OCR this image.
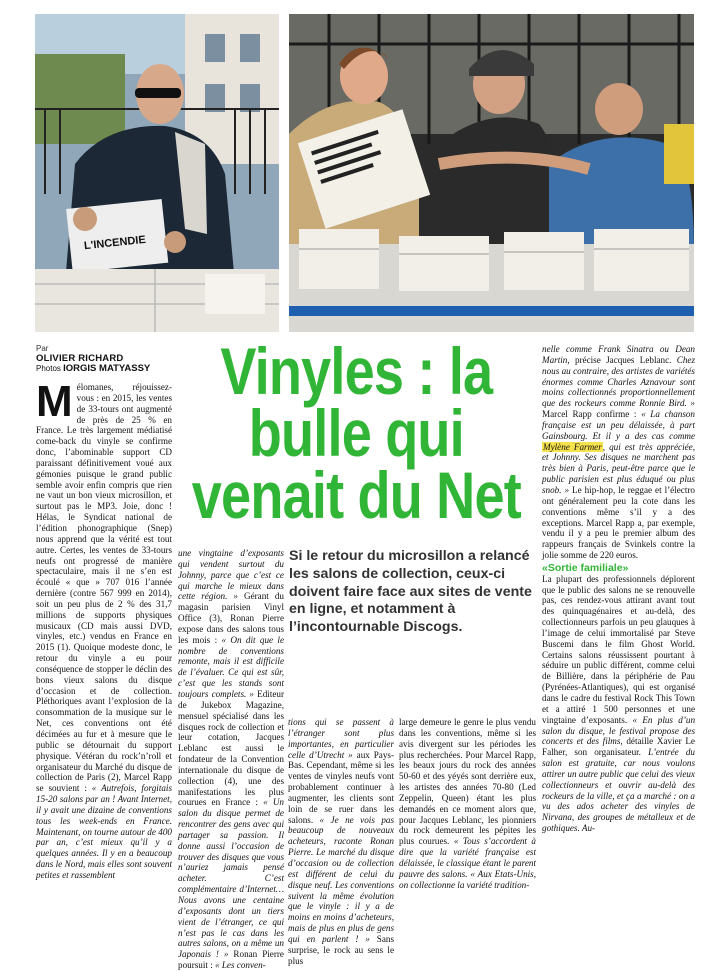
L'INCENDIE
Par
OLIVIER RICHARD
Photos IORGIS MATYASSY	Vinyles : la bulle qui venait du Net
Mélomanes, réjouissez-vous : en 2015, les ventes de 33-tours ont augmenté de près de 25 % en France. Le très largement médiatisé come-back du vinyle se confirme donc, l’abominable support CD paraissant définitivement voué aux gémonies puisque le grand public semble avoir enfin compris que rien ne vaut un bon vieux microsillon, et surtout pas le MP3. Joie, donc ! Hélas, le Syndicat national de l’édition phonographique (Snep) nous apprend que la vérité est tout autre. Certes, les ventes de 33-tours neufs ont progressé de manière spectaculaire, mais il ne s’en est écoulé « que » 707 016 l’année dernière (contre 567 999 en 2014), soit un peu plus de 2 % des 31,7 millions de supports physiques musicaux (CD mais aussi DVD, vinyles, etc.) vendus en France en 2015 (1). Quoique modeste donc, le retour du vinyle a eu pour conséquence de stopper le déclin des bons vieux salons du disque d’occasion et de collection. Pléthoriques avant l’explosion de la consommation de la musique sur le Net, ces conventions ont été décimées au fur et à mesure que le public se détournait du support physique. Vétéran du rock’n’roll et organisateur du Marché du disque de collection de Paris (2), Marcel Rapp se souvient : « Autrefois, forgitais 15-20 salons par an ! Avant Internet, il y avait une dizaine de conventions tous les week-ends en France. Maintenant, on tourne autour de 400 par an, c’est mieux qu’il y a quelques années. Il y en a beaucoup dans le Nord, mais elles sont souvent petites et rassemblent
une vingtaine d’exposants qui vendent surtout du Johnny, parce que c’est ce qui marche le mieux dans cette région. » Gérant du magasin parisien Vinyl Office (3), Ronan Pierre expose dans des salons tous les mois : « On dit que le nombre de conventions remonte, mais il est difficile de l’évaluer. Ce qui est sûr, c’est que les stands sont toujours complets. » Editeur de Jukebox Magazine, mensuel spécialisé dans les disques rock de collection et leur cotation, Jacques Leblanc est aussi le fondateur de la Convention internationale du disque de collection (4), une des manifestations les plus courues en France : « Un salon du disque permet de rencontrer des gens avec qui partager sa passion. Il donne aussi l’occasion de trouver des disques que vous n’auriez jamais pensé acheter. C’est complémentaire d’Internet… Nous avons une centaine d’exposants dont un tiers vient de l’étranger, ce qui n’est pas le cas dans les autres salons, on a même un Japonais ! » Ronan Pierre poursuit : « Les conven-
Si le retour du microsillon a relancé les salons de collection, ceux-ci doivent faire face aux sites de vente en ligne, et notamment à l’incontournable Discogs.
tions qui se passent à l’étranger sont plus importantes, en particulier celle d’Utrecht » aux Pays-Bas. Cependant, même si les ventes de vinyles neufs vont probablement continuer à augmenter, les clients sont loin de se ruer dans les salons. « Je ne vois pas beaucoup de nouveaux acheteurs, raconte Ronan Pierre. Le marché du disque d’occasion ou de collection est différent de celui du disque neuf. Les conventions suivent la même évolution que le vinyle : il y a de moins en moins d’acheteurs, mais de plus en plus de gens qui en parlent ! » Sans surprise, le rock au sens le plus
large demeure le genre le plus vendu dans les conventions, même si les avis divergent sur les périodes les plus recherchées. Pour Marcel Rapp, les beaux jours du rock des années 50-60 et des yéyés sont derrière eux, les artistes des années 70-80 (Led Zeppelin, Queen) étant les plus demandés en ce moment alors que, pour Jacques Leblanc, les pionniers du rock demeurent les pépites les plus courues. « Tous s’accordent à dire que la variété française est délaissée, le classique étant le parent pauvre des salons. « Aux Etats-Unis, on collectionne la variété tradition-
nelle comme Frank Sinatra ou Dean Martin, précise Jacques Leblanc. Chez nous au contraire, des artistes de variétés énormes comme Charles Aznavour sont moins collectionnés proportionnellement que des rockeurs comme Ronnie Bird. » Marcel Rapp confirme : « La chanson française est un peu délaissée, à part Gainsbourg. Et il y a des cas comme Mylène Farmer, qui est très appréciée, et Johnny. Ses disques ne marchent pas très bien à Paris, peut-être parce que le public parisien est plus éduqué ou plus snob. » Le hip-hop, le reggae et l’électro ont généralement peu la cote dans les conventions même s’il y a des exceptions. Marcel Rapp a, par exemple, vendu il y a peu le premier album des rappeurs français de Svinkels contre la jolie somme de 220 euros.
«Sortie familiale»
La plupart des professionnels déplorent que le public des salons ne se renouvelle pas, ces rendez-vous attirant avant tout des quinquagénaires et au-delà, des collectionneurs parfois un peu glauques à l’image de celui immortalisé par Steve Buscemi dans le film Ghost World. Certains salons réussissent pourtant à séduire un public différent, comme celui de Billière, dans la périphérie de Pau (Pyrénées-Atlantiques), qui est organisé dans le cadre du festival Rock This Town et a attiré 1 500 personnes et une vingtaine d’exposants. « En plus d’un salon du disque, le festival propose des concerts et des films, détaille Xavier Le Falher, son organisateur. L’entrée du salon est gratuite, car nous voulons attirer un autre public que celui des vieux collectionneurs et ouvrir au-delà des rockeurs de la ville, et ça a marché : on a vu des ados acheter des vinyles de Nirvana, des groupes de métalleux et de gothiques. Au-
